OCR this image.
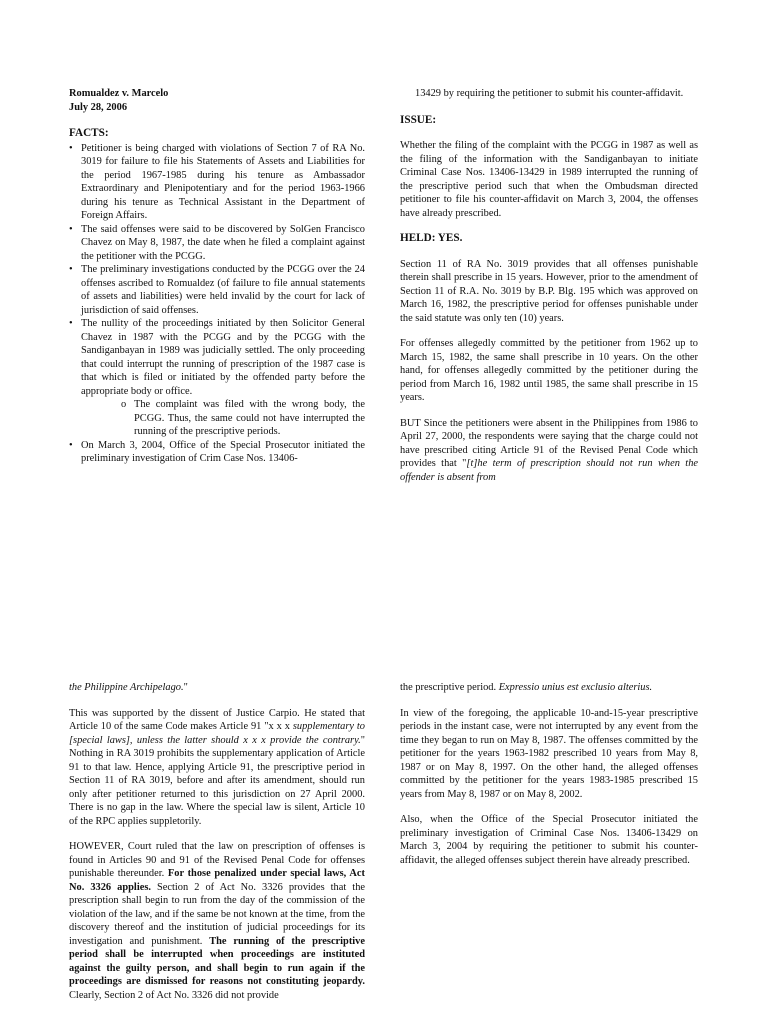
Romualdez v. Marcelo
July 28, 2006
FACTS:
• Petitioner is being charged with violations of Section 7 of RA No. 3019 for failure to file his Statements of Assets and Liabilities for the period 1967-1985 during his tenure as Ambassador Extraordinary and Plenipotentiary and for the period 1963-1966 during his tenure as Technical Assistant in the Department of Foreign Affairs.
• The said offenses were said to be discovered by SolGen Francisco Chavez on May 8, 1987, the date when he filed a complaint against the petitioner with the PCGG.
• The preliminary investigations conducted by the PCGG over the 24 offenses ascribed to Romualdez (of failure to file annual statements of assets and liabilities) were held invalid by the court for lack of jurisdiction of said offenses.
• The nullity of the proceedings initiated by then Solicitor General Chavez in 1987 with the PCGG and by the PCGG with the Sandiganbayan in 1989 was judicially settled. The only proceeding that could interrupt the running of prescription of the 1987 case is that which is filed or initiated by the offended party before the appropriate body or office.
o The complaint was filed with the wrong body, the PCGG. Thus, the same could not have interrupted the running of the prescriptive periods.
• On March 3, 2004, Office of the Special Prosecutor initiated the preliminary investigation of Crim Case Nos. 13406-

13429 by requiring the petitioner to submit his counter-affidavit.

ISSUE:

Whether the filing of the complaint with the PCGG in 1987 as well as the filing of the information with the Sandiganbayan to initiate Criminal Case Nos. 13406-13429 in 1989 interrupted the running of the prescriptive period such that when the Ombudsman directed petitioner to file his counter-affidavit on March 3, 2004, the offenses have already prescribed.

HELD: YES.

Section 11 of RA No. 3019 provides that all offenses punishable therein shall prescribe in 15 years. However, prior to the amendment of Section 11 of R.A. No. 3019 by B.P. Blg. 195 which was approved on March 16, 1982, the prescriptive period for offenses punishable under the said statute was only ten (10) years.

For offenses allegedly committed by the petitioner from 1962 up to March 15, 1982, the same shall prescribe in 10 years. On the other hand, for offenses allegedly committed by the petitioner during the period from March 16, 1982 until 1985, the same shall prescribe in 15 years.

BUT Since the petitioners were absent in the Philippines from 1986 to April 27, 2000, the respondents were saying that the charge could not have prescribed citing Article 91 of the Revised Penal Code which provides that "[t]he term of prescription should not run when the offender is absent from

the Philippine Archipelago."

This was supported by the dissent of Justice Carpio. He stated that Article 10 of the same Code makes Article 91 "x x x supplementary to [special laws], unless the latter should x x x provide the contrary." Nothing in RA 3019 prohibits the supplementary application of Article 91 to that law. Hence, applying Article 91, the prescriptive period in Section 11 of RA 3019, before and after its amendment, should run only after petitioner returned to this jurisdiction on 27 April 2000. There is no gap in the law. Where the special law is silent, Article 10 of the RPC applies suppletorily.

HOWEVER, Court ruled that the law on prescription of offenses is found in Articles 90 and 91 of the Revised Penal Code for offenses punishable thereunder. For those penalized under special laws, Act No. 3326 applies. Section 2 of Act No. 3326 provides that the prescription shall begin to run from the day of the commission of the violation of the law, and if the same be not known at the time, from the discovery thereof and the institution of judicial proceedings for its investigation and punishment. The running of the prescriptive period shall be interrupted when proceedings are instituted against the guilty person, and shall begin to run again if the proceedings are dismissed for reasons not constituting jeopardy. Clearly, Section 2 of Act No. 3326 did not provide

the prescriptive period. Expressio unius est exclusio alterius.

In view of the foregoing, the applicable 10-and-15-year prescriptive periods in the instant case, were not interrupted by any event from the time they began to run on May 8, 1987. The offenses committed by the petitioner for the years 1963-1982 prescribed 10 years from May 8, 1987 or on May 8, 1997. On the other hand, the alleged offenses committed by the petitioner for the years 1983-1985 prescribed 15 years from May 8, 1987 or on May 8, 2002.

Also, when the Office of the Special Prosecutor initiated the preliminary investigation of Criminal Case Nos. 13406-13429 on March 3, 2004 by requiring the petitioner to submit his counter-affidavit, the alleged offenses subject therein have already prescribed.
